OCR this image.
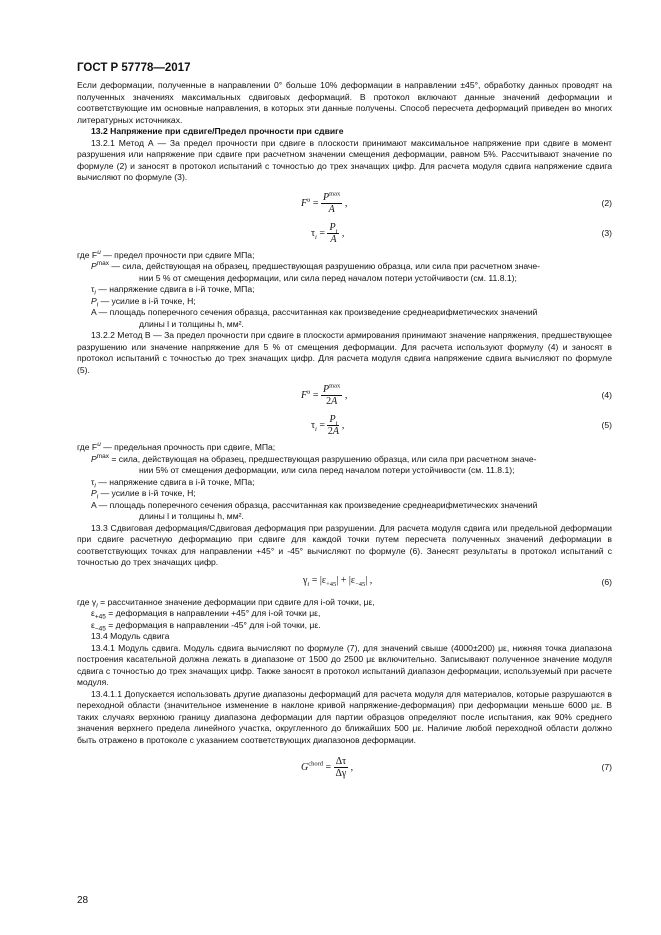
ГОСТ Р 57778—2017

Если деформации, полученные в направлении 0° больше 10% деформации в направлении ±45°, обработку данных проводят на полученных значениях максимальных сдвиговых деформаций. В протокол включают данные значений деформации и соответствующие им основные направления, в которых эти данные получены. Способ пересчета деформаций приведен во многих литературных источниках.

13.2 Напряжение при сдвиге/Предел прочности при сдвиге

13.2.1 Метод А — За предел прочности при сдвиге в плоскости принимают максимальное напряжение при сдвиге в момент разрушения или напряжение при сдвиге при расчетном значении смещения деформации, равном 5%. Рассчитывают значение по формуле (2) и заносят в протокол испытаний с точностью до трех значащих цифр. Для расчета модуля сдвига напряжение сдвига вычисляют по формуле (3).

$F^u = \frac{P^{max}}{A}$ ,	(2)
$\tau_i = \frac{P_i}{A}$ ,	(3)

где $F^u$ — предел прочности при сдвиге МПа;

$P^{max}$ — сила, действующая на образец, предшествующая разрушению образца, или сила при расчетном значе-

нии 5 % от смещения деформации, или сила перед началом потери устойчивости (см. 11.8.1);

$\tau_i$ — напряжение сдвига в i-й точке, МПа;

$P_i$ — усилие в i-й точке, Н;

A — площадь поперечного сечения образца, рассчитанная как произведение среднеарифметических значений

длины l и толщины h, мм².

13.2.2 Метод В — За предел прочности при сдвиге в плоскости армирования принимают значение напряжения, предшествующее разрушению или значение напряжение для 5 % от смещения деформации. Для расчета используют формулу (4) и заносят в протокол испытаний с точностью до трех значащих цифр. Для расчета модуля сдвига напряжение сдвига вычисляют по формуле (5).

$F^u = \frac{P^{max}}{2A}$ ,	(4)
$\tau_i = \frac{P_i}{2A}$ ,	(5)

где $F^u$ — предельная прочность при сдвиге, МПа;

$P^{max}$ = сила, действующая на образец, предшествующая разрушению образца, или сила при расчетном значе-

нии 5% от смещения деформации, или сила перед началом потери устойчивости (см. 11.8.1);

$\tau_i$ — напряжение сдвига в i-й точке, МПа;

$P_i$ — усилие в i-й точке, Н;

A — площадь поперечного сечения образца, рассчитанная как произведение среднеарифметических значений

длины l и толщины h, мм².

13.3 Сдвиговая деформация/Сдвиговая деформация при разрушении. Для расчета модуля сдвига или предельной деформации при сдвиге расчетную деформацию при сдвиге для каждой точки путем пересчета полученных значений деформации в соответствующих точках для направлении +45° и -45° вычисляют по формуле (6). Занесят результаты в протокол испытаний с точностью до трех значащих цифр.

$\gamma_i = |\varepsilon_{+45}| + |\varepsilon_{-45}|$ ,	(6)

где $\gamma_i$ = рассчитанное значение деформации при сдвиге для i-ой точки, με,

$\varepsilon_{+45}$ = деформация в направлении +45° для i-ой точки με,

$\varepsilon_{-45}$ = деформация в направлении -45° для i-ой точки, με.

13.4 Модуль сдвига

13.4.1 Модуль сдвига. Модуль сдвига вычисляют по формуле (7), для значений свыше (4000±200) με, нижняя точка диапазона построения касательной должна лежать в диапазоне от 1500 до 2500 με включительно. Записывают полученное значение модуля сдвига с точностью до трех значащих цифр. Также заносят в протокол испытаний диапазон деформации, используемый при расчете модуля.

13.4.1.1 Допускается использовать другие диапазоны деформаций для расчета модуля для материалов, которые разрушаются в переходной области (значительное изменение в наклоне кривой напряжение-деформация) при деформации меньше 6000 με. В таких случаях верхнюю границу диапазона деформации для партии образцов определяют после испытания, как 90% среднего значения верхнего предела линейного участка, округленного до ближайших 500 με. Наличие любой переходной области должно быть отражено в протоколе с указанием соответствующих диапазонов деформации.

$G^{chord} = \frac{\Delta\tau}{\Delta\gamma}$ ,	(7)
28
